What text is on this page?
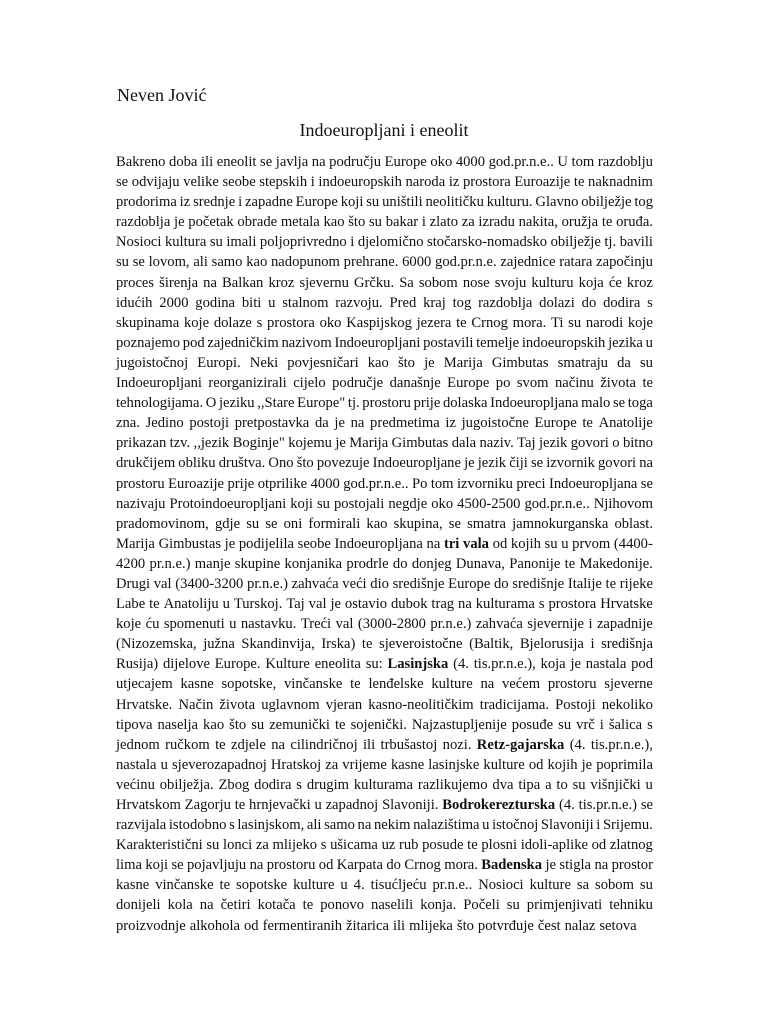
Neven Jović
Indoeuropljani i eneolit
Bakreno doba ili eneolit se javlja na području Europe oko 4000 god.pr.n.e.. U tom razdoblju
se odvijaju velike seobe stepskih i indoeuropskih naroda iz prostora Euroazije te naknadnim
prodorima iz srednje i zapadne Europe koji su uništili neolitičku kulturu. Glavno obilježje tog
razdoblja je početak obrade metala kao što su bakar i zlato za izradu nakita, oružja te oruđa.
Nosioci kultura su imali poljoprivredno i djelomično stočarsko-nomadsko obilježje tj. bavili
su se lovom, ali samo kao nadopunom prehrane. 6000 god.pr.n.e. zajednice ratara započinju
proces širenja na Balkan kroz sjevernu Grčku. Sa sobom nose svoju kulturu koja će kroz
idućih 2000 godina biti u stalnom razvoju. Pred kraj tog razdoblja dolazi do dodira s
skupinama koje dolaze s prostora oko Kaspijskog jezera te Crnog mora. Ti su narodi koje
poznajemo pod zajedničkim nazivom Indoeuropljani postavili temelje indoeuropskih jezika u
jugoistočnoj Europi. Neki povjesničari kao što je Marija Gimbutas smatraju da su
Indoeuropljani reorganizirali cijelo područje današnje Europe po svom načinu života te
tehnologijama. O jeziku ,,Stare Europe" tj. prostoru prije dolaska Indoeuropljana malo se toga
zna. Jedino postoji pretpostavka da je na predmetima iz jugoistočne Europe te Anatolije
prikazan tzv. ,,jezik Boginje" kojemu je Marija Gimbutas dala naziv. Taj jezik govori o bitno
drukčijem obliku društva. Ono što povezuje Indoeuropljane je jezik čiji se izvornik govori na
prostoru Euroazije prije otprilike 4000 god.pr.n.e.. Po tom izvorniku preci Indoeuropljana se
nazivaju Protoindoeuropljani koji su postojali negdje oko 4500-2500 god.pr.n.e.. Njihovom
pradomovinom, gdje su se oni formirali kao skupina, se smatra jamnokurganska oblast.
Marija Gimbustas je podijelila seobe Indoeuropljana na tri vala od kojih su u prvom (4400-
4200 pr.n.e.) manje skupine konjanika prodrle do donjeg Dunava, Panonije te Makedonije.
Drugi val (3400-3200 pr.n.e.) zahvaća veći dio središnje Europe do središnje Italije te rijeke
Labe te Anatoliju u Turskoj. Taj val je ostavio dubok trag na kulturama s prostora Hrvatske
koje ću spomenuti u nastavku. Treći val (3000-2800 pr.n.e.) zahvaća sjevernije i zapadnije
(Nizozemska, južna Skandinvija, Irska) te sjeveroistočne (Baltik, Bjelorusija i središnja
Rusija) dijelove Europe. Kulture eneolita su: Lasinjska (4. tis.pr.n.e.), koja je nastala pod
utjecajem kasne sopotske, vinčanske te lenđelske kulture na većem prostoru sjeverne
Hrvatske. Način života uglavnom vjeran kasno-neolitičkim tradicijama. Postoji nekoliko
tipova naselja kao što su zemunički te sojenički. Najzastupljenije posuđe su vrč i šalica s
jednom ručkom te zdjele na cilindričnoj ili trbušastoj nozi. Retz-gajarska (4. tis.pr.n.e.),
nastala u sjeverozapadnoj Hratskoj za vrijeme kasne lasinjske kulture od kojih je poprimila
većinu obilježja. Zbog dodira s drugim kulturama razlikujemo dva tipa a to su višnjički u
Hrvatskom Zagorju te hrnjevački u zapadnoj Slavoniji. Bodrokerezturska (4. tis.pr.n.e.) se
razvijala istodobno s lasinjskom, ali samo na nekim nalazištima u istočnoj Slavoniji i Srijemu.
Karakteristični su lonci za mlijeko s ušicama uz rub posude te plosni idoli-aplike od zlatnog
lima koji se pojavljuju na prostoru od Karpata do Crnog mora. Badenska je stigla na prostor
kasne vinčanske te sopotske kulture u 4. tisućljeću pr.n.e.. Nosioci kulture sa sobom su
donijeli kola na četiri kotača te ponovo naselili konja. Počeli su primjenjivati tehniku
proizvodnje alkohola od fermentiranih žitarica ili mlijeka što potvrđuje čest nalaz setova
